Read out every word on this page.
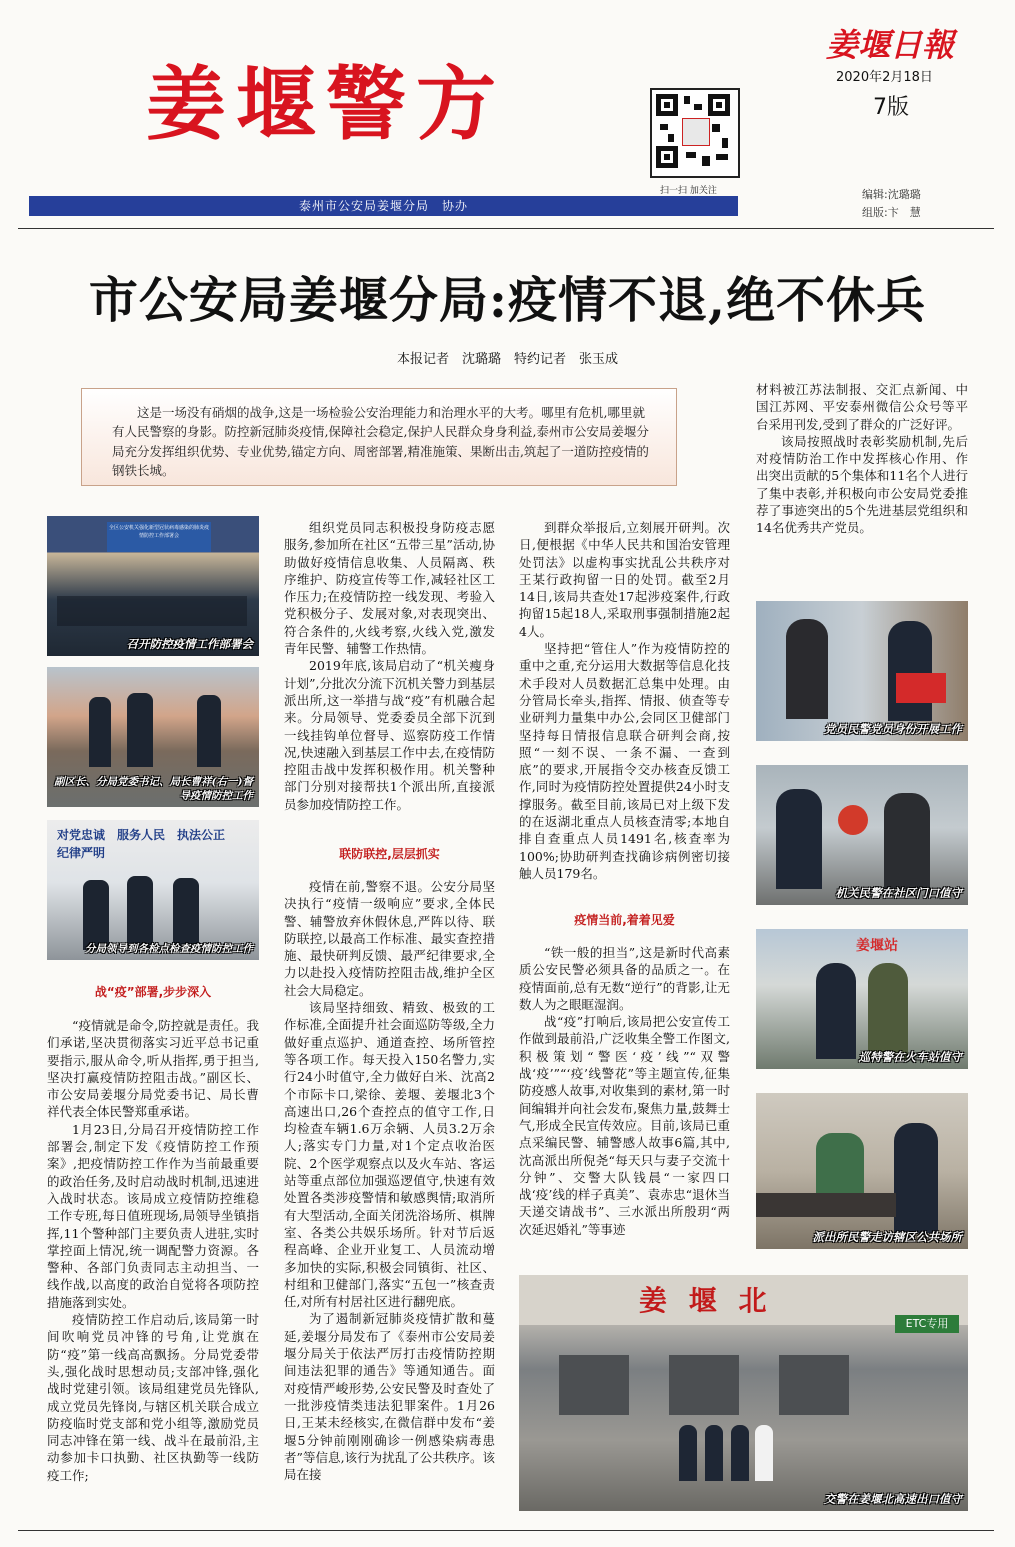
姜堰警方
扫一扫 加关注
姜堰日報
2020年2月18日
7版
编辑:沈璐璐
组版:卞　慧
泰州市公安局姜堰分局　协办
市公安局姜堰分局:疫情不退,绝不休兵
本报记者　沈璐璐　特约记者　张玉成
这是一场没有硝烟的战争,这是一场检验公安治理能力和治理水平的大考。哪里有危机,哪里就有人民警察的身影。防控新冠肺炎疫情,保障社会稳定,保护人民群众身身利益,泰州市公安局姜堰分局充分发挥组织优势、专业优势,锚定方向、周密部署,精准施策、果断出击,筑起了一道防控疫情的钢铁长城。
全区公安机关强化新型冠状病毒感染的肺炎疫情防控工作部署会
召开防控疫情工作部署会
副区长、分局党委书记、局长曹祥(右一)督导疫情防控工作
对党忠诚　服务人民　执法公正　纪律严明
分局领导到各检点检查疫情防控工作
战“疫”部署,步步深入

“疫情就是命令,防控就是责任。我们承诺,坚决贯彻落实习近平总书记重要指示,服从命令,听从指挥,勇于担当,坚决打赢疫情防控阻击战。”副区长、市公安局姜堰分局党委书记、局长曹祥代表全体民警郑重承诺。

1月23日,分局召开疫情防控工作部署会,制定下发《疫情防控工作预案》,把疫情防控工作作为当前最重要的政治任务,及时启动战时机制,迅速进入战时状态。该局成立疫情防控维稳工作专班,每日值班现场,局领导坐镇指挥,11个警种部门主要负责人进驻,实时掌控面上情况,统一调配警力资源。各警种、各部门负责同志主动担当、一线作战,以高度的政治自觉将各项防控措施落到实处。

疫情防控工作启动后,该局第一时间吹响党员冲锋的号角,让党旗在防“疫”第一线高高飘扬。分局党委带头,强化战时思想动员;支部冲锋,强化战时党建引领。该局组建党员先锋队,成立党员先锋岗,与辖区机关联合成立防疫临时党支部和党小组等,激励党员同志冲锋在第一线、战斗在最前沿,主动参加卡口执勤、社区执勤等一线防疫工作;

组织党员同志积极投身防疫志愿服务,参加所在社区“五带三星”活动,协助做好疫情信息收集、人员隔离、秩序维护、防疫宣传等工作,减轻社区工作压力;在疫情防控一线发现、考验入党积极分子、发展对象,对表现突出、符合条件的,火线考察,火线入党,激发青年民警、辅警工作热情。

2019年底,该局启动了“机关瘦身计划”,分批次分流下沉机关警力到基层派出所,这一举措与战“疫”有机融合起来。分局领导、党委委员全部下沉到一线挂钩单位督导、巡察防疫工作情况,快速融入到基层工作中去,在疫情防控阻击战中发挥积极作用。机关警种部门分别对接帮扶1个派出所,直接派员参加疫情防控工作。

联防联控,层层抓实

疫情在前,警察不退。公安分局坚决执行“疫情一级响应”要求,全体民警、辅警放弃休假休息,严阵以待、联防联控,以最高工作标准、最实查控措施、最快研判反馈、最严纪律要求,全力以赴投入疫情防控阻击战,维护全区社会大局稳定。

该局坚持细致、精致、极致的工作标准,全面提升社会面巡防等级,全力做好重点巡护、通道查控、场所管控等各项工作。每天投入150名警力,实行24小时值守,全力做好白米、沈高2个市际卡口,梁徐、姜堰、姜堰北3个高速出口,26个查控点的值守工作,日均检查车辆1.6万余辆、人员3.2万余人;落实专门力量,对1个定点收治医院、2个医学观察点以及火车站、客运站等重点部位加强巡逻值守,快速有效处置各类涉疫警情和敏感舆情;取消所有大型活动,全面关闭洗浴场所、棋牌室、各类公共娱乐场所。针对节后返程高峰、企业开业复工、人员流动增多加快的实际,积极会同镇街、社区、村组和卫健部门,落实“五包一”核查责任,对所有村居社区进行翻兜底。

为了遏制新冠肺炎疫情扩散和蔓延,姜堰分局发布了《泰州市公安局姜堰分局关于依法严厉打击疫情防控期间违法犯罪的通告》等通知通告。面对疫情严峻形势,公安民警及时查处了一批涉疫情类违法犯罪案件。1月26日,王某未经核实,在微信群中发布“姜堰5分钟前刚刚确诊一例感染病毒患者”等信息,该行为扰乱了公共秩序。该局在接

到群众举报后,立刻展开研判。次日,便根据《中华人民共和国治安管理处罚法》以虚构事实扰乱公共秩序对王某行政拘留一日的处罚。截至2月14日,该局共查处17起涉疫案件,行政拘留15起18人,采取刑事强制措施2起4人。

坚持把“管住人”作为疫情防控的重中之重,充分运用大数据等信息化技术手段对人员数据汇总集中处理。由分管局长牵头,指挥、情报、侦查等专业研判力量集中办公,会同区卫健部门坚持每日情报信息联合研判会商,按照“一刻不误、一条不漏、一查到底”的要求,开展指令交办核查反馈工作,同时为疫情防控处置提供24小时支撑服务。截至目前,该局已对上级下发的在返湖北重点人员核查清零;本地自排自查重点人员1491名,核查率为100%;协助研判查找确诊病例密切接触人员179名。

疫情当前,着着见爱

“铁一般的担当”,这是新时代高素质公安民警必须具备的品质之一。在疫情面前,总有无数“逆行”的背影,让无数人为之眼眶湿润。

战“疫”打响后,该局把公安宣传工作做到最前沿,广泛收集全警工作图文,积极策划“警医‘疫’线”“双警战‘疫’”“‘疫’线警花”等主题宣传,征集防疫感人故事,对收集到的素材,第一时间编辑并向社会发布,聚焦力量,鼓舞士气,形成全民宣传效应。目前,该局已重点采编民警、辅警感人故事6篇,其中,沈高派出所倪尧“每天只与妻子交流十分钟”、交警大队钱晨“一家四口战‘疫’线的样子真美”、袁赤忠“退休当天递交请战书”、三水派出所殷玥“两次延迟婚礼”等事迹

材料被江苏法制报、交汇点新闻、中国江苏网、平安泰州微信公众号等平台采用刊发,受到了群众的广泛好评。

该局按照战时表彰奖励机制,先后对疫情防治工作中发挥核心作用、作出突出贡献的5个集体和11名个人进行了集中表彰,并积极向市公安局党委推荐了事迹突出的5个先进基层党组织和14名优秀共产党员。

党员民警党员身份开展工作
机关民警在社区门口值守
姜堰站
巡特警在火车站值守
派出所民警走访辖区公共场所
姜 堰 北
ETC专用
交警在姜堰北高速出口值守
